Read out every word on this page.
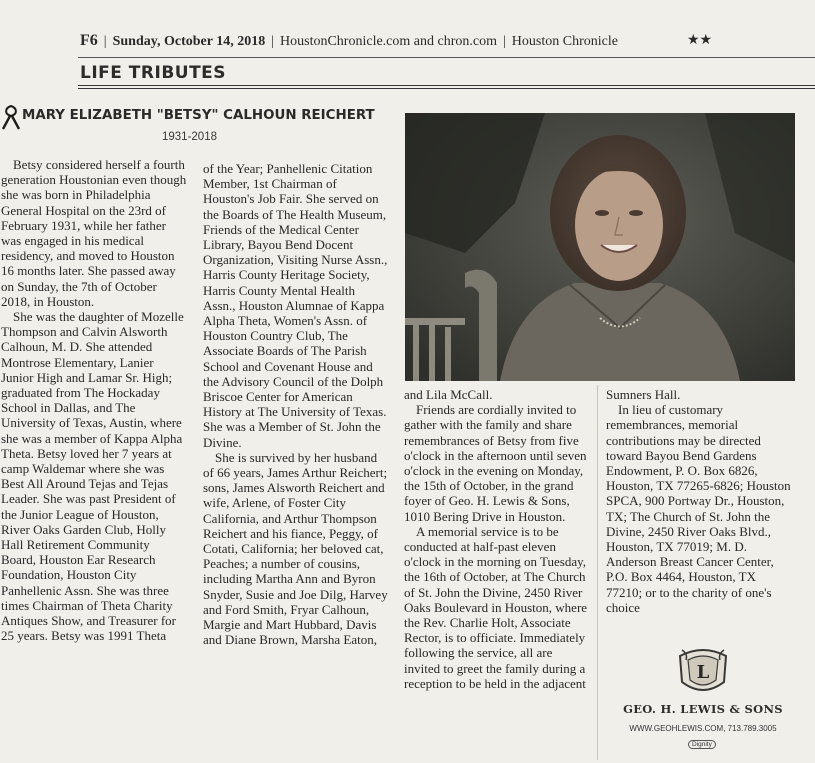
F6 | Sunday, October 14, 2018 | HoustonChronicle.com and chron.com | Houston Chronicle	★★
LIFE TRIBUTES
MARY ELIZABETH "BETSY" CALHOUN REICHERT
1931-2018

Betsy considered herself a fourth generation Houstonian even though she was born in Philadelphia General Hospital on the 23rd of February 1931, while her father was engaged in his medical residency, and moved to Houston 16 months later. She passed away on Sunday, the 7th of October 2018, in Houston.

She was the daughter of Mozelle Thompson and Calvin Alsworth Calhoun, M. D. She attended Montrose Elementary, Lanier Junior High and Lamar Sr. High; graduated from The Hockaday School in Dallas, and The University of Texas, Austin, where she was a member of Kappa Alpha Theta. Betsy loved her 7 years at camp Waldemar where she was Best All Around Tejas and Tejas Leader. She was past President of the Junior League of Houston, River Oaks Garden Club, Holly Hall Retirement Community Board, Houston Ear Research Foundation, Houston City Panhellenic Assn. She was three times Chairman of Theta Charity Antiques Show, and Treasurer for 25 years. Betsy was 1991 Theta

of the Year; Panhellenic Citation Member, 1st Chairman of Houston's Job Fair. She served on the Boards of The Health Museum, Friends of the Medical Center Library, Bayou Bend Docent Organization, Visiting Nurse Assn., Harris County Heritage Society, Harris County Mental Health Assn., Houston Alumnae of Kappa Alpha Theta, Women's Assn. of Houston Country Club, The Associate Boards of The Parish School and Covenant House and the Advisory Council of the Dolph Briscoe Center for American History at The University of Texas. She was a Member of St. John the Divine.

She is survived by her husband of 66 years, James Arthur Reichert; sons, James Alsworth Reichert and wife, Arlene, of Foster City California, and Arthur Thompson Reichert and his fiance, Peggy, of Cotati, California; her beloved cat, Peaches; a number of cousins, including Martha Ann and Byron Snyder, Susie and Joe Dilg, Harvey and Ford Smith, Fryar Calhoun, Margie and Mart Hubbard, Davis and Diane Brown, Marsha Eaton,

and Lila McCall.

Friends are cordially invited to gather with the family and share remembrances of Betsy from five o'clock in the afternoon until seven o'clock in the evening on Monday, the 15th of October, in the grand foyer of Geo. H. Lewis & Sons, 1010 Bering Drive in Houston.

A memorial service is to be conducted at half-past eleven o'clock in the morning on Tuesday, the 16th of October, at The Church of St. John the Divine, 2450 River Oaks Boulevard in Houston, where the Rev. Charlie Holt, Associate Rector, is to officiate. Immediately following the service, all are invited to greet the family during a reception to be held in the adjacent

Sumners Hall.

In lieu of customary remembrances, memorial contributions may be directed toward Bayou Bend Gardens Endowment, P. O. Box 6826, Houston, TX 77265-6826; Houston SPCA, 900 Portway Dr., Houston, TX; The Church of St. John the Divine, 2450 River Oaks Blvd., Houston, TX 77019; M. D. Anderson Breast Cancer Center, P.O. Box 4464, Houston, TX 77210; or to the charity of one's choice

L
GEO. H. LEWIS & SONS
WWW.GEOHLEWIS.COM, 713.789.3005
Dignity
